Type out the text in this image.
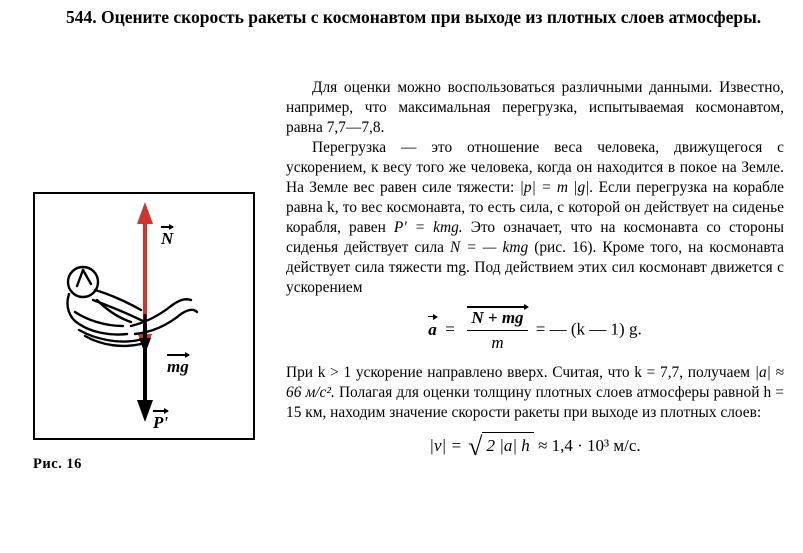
544. Оценитe скорость ракеты с космонавтом при выходе из плотных слоев атмосферы.
N
mg
P'
Рис. 16

Для оценки можно воспользоваться различными данными. Известно, например, что максимальная перегрузка, испытываемая космонавтом, равна 7,7—7,8.

Перегрузка — это отношение веса человека, движущегося с ускорением, к весу того же человека, когда он находится в покое на Земле. На Земле вес равен силе тяжести: |p| = m |g|. Если перегрузка на корабле равна k, то вес космонавта, то есть сила, с которой он действует на сиденье корабля, равен P' = kmg. Это означает, что на космонавта со стороны сиденья действует сила N = — kmg (рис. 16). Кроме того, на космонавта действует сила тяжести mg. Под действием этих сил космонавт движется с ускорением

$a = \frac{N + mg}{m}$ = — (k — 1) g.

При k > 1 ускорение направлено вверх. Считая, что k = 7,7, получаем |a| ≈ 66 м/с². Полагая для оценки толщину плотных слоев атмосферы равной h = 15 км, находим значение скорости ракеты при выходе из плотных слоев:

|v| = √ 2 |a| h ≈ 1,4 · 10³ м/с.
